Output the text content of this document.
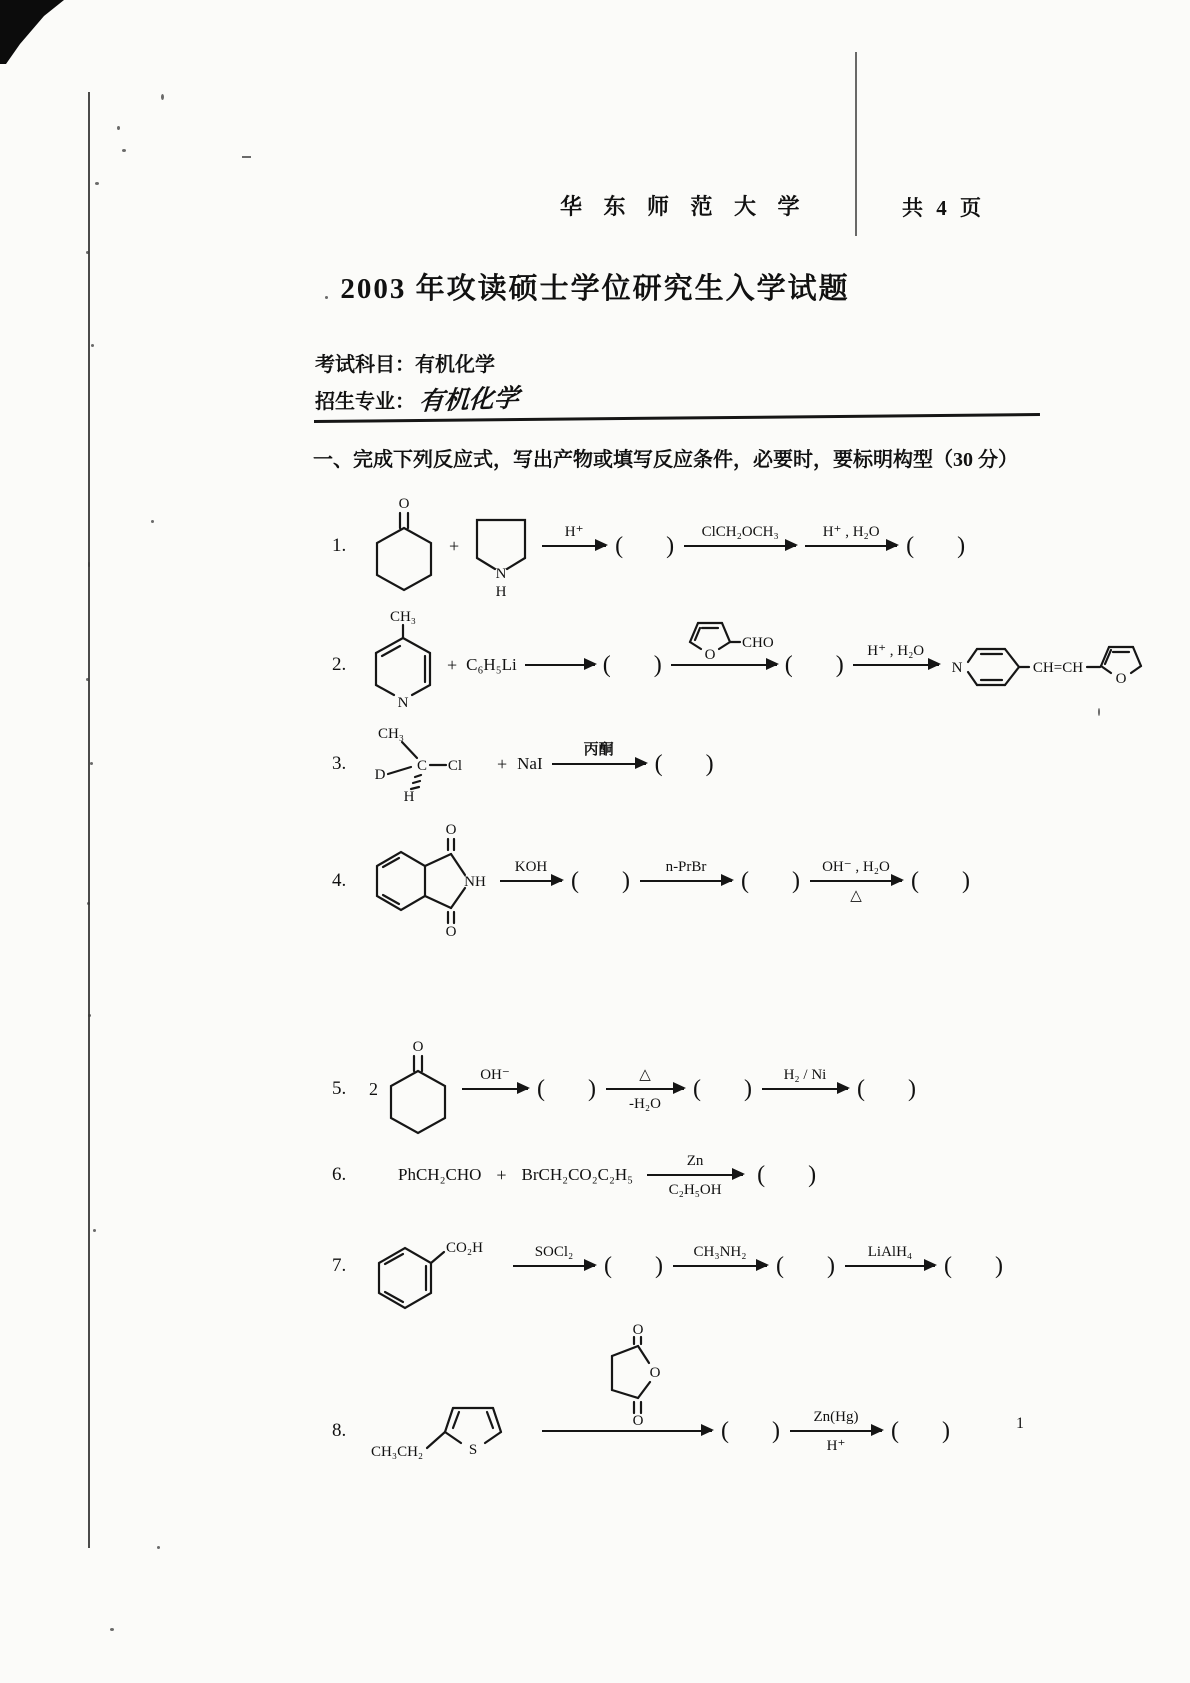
华 东 师 范 大 学	共 4 页
2003 年攻读硕士学位研究生入学试题
考试科目：有机化学
招生专业： 有机化学
一、完成下列反应式，写出产物或填写反应条件，必要时，要标明构型（30 分）
1.
O
+
N
H
H⁺
(      )
ClCH₂OCH₃	H⁺ , H₂O
(      )
2.
CH₃
N
+ C₆H₅Li	(      )	O
CHO
(      )
H⁺ , H₂O
N	CH=CH
O
3.
CH₃
D
C Cl
H
+ NaI
丙酮
(      )
4.	NH
O
O
KOH
(      )
n-PrBr
(      )
OH⁻ , H₂O
△
(      )
5.	2
O
OH⁻
(      )
△
-H₂O
(      )
H₂ / Ni
(      )
6.	PhCH₂CHO + BrCH₂CO₂C₂H₅
Zn
C₂H₅OH
(      )
7.
CO₂H	SOCl₂
(      )
CH₃NH₂
(      )
LiAlH₄
(      )
O
O
O
8.
CH₃CH₂	S
(      )
Zn(Hg)
H⁺
(      )	1
